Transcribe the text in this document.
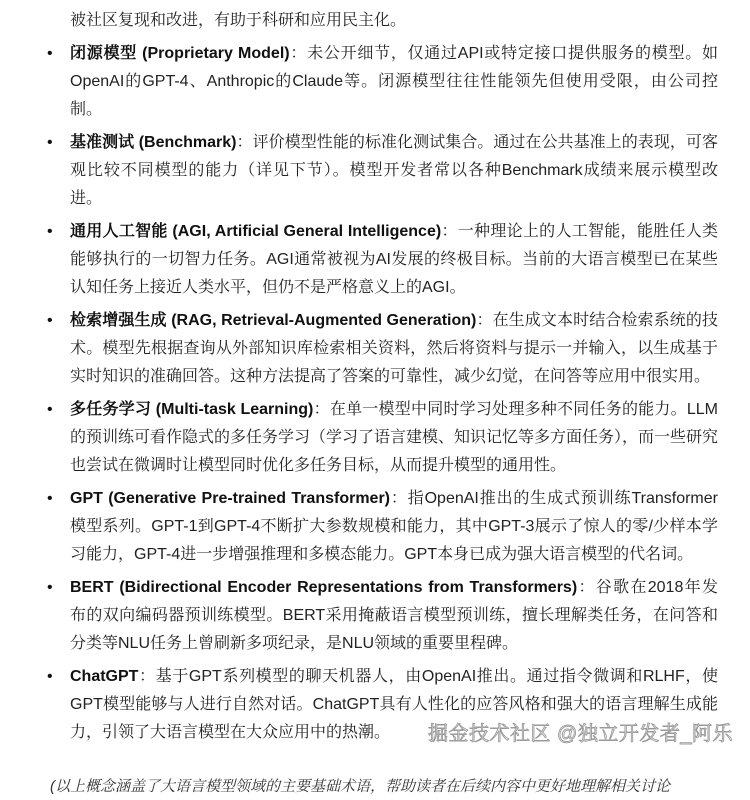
被社区复现和改进，有助于科研和应用民主化。

• 闭源模型 (Proprietary Model)：未公开细节，仅通过API或特定接口提供服务的模型。如OpenAI的GPT-4、Anthropic的Claude等。闭源模型往往性能领先但使用受限，由公司控制。
• 基准测试 (Benchmark)：评价模型性能的标准化测试集合。通过在公共基准上的表现，可客观比较不同模型的能力（详见下节）。模型开发者常以各种Benchmark成绩来展示模型改进。
• 通用人工智能 (AGI, Artificial General Intelligence)：一种理论上的人工智能，能胜任人类能够执行的一切智力任务。AGI通常被视为AI发展的终极目标。当前的大语言模型已在某些认知任务上接近人类水平，但仍不是严格意义上的AGI。
• 检索增强生成 (RAG, Retrieval-Augmented Generation)：在生成文本时结合检索系统的技术。模型先根据查询从外部知识库检索相关资料，然后将资料与提示一并输入，以生成基于实时知识的准确回答。这种方法提高了答案的可靠性，减少幻觉，在问答等应用中很实用。
• 多任务学习 (Multi-task Learning)：在单一模型中同时学习处理多种不同任务的能力。LLM的预训练可看作隐式的多任务学习（学习了语言建模、知识记忆等多方面任务），而一些研究也尝试在微调时让模型同时优化多任务目标，从而提升模型的通用性。
• GPT (Generative Pre-trained Transformer)：指OpenAI推出的生成式预训练Transformer模型系列。GPT-1到GPT-4不断扩大参数规模和能力，其中GPT-3展示了惊人的零/少样本学习能力，GPT-4进一步增强推理和多模态能力。GPT本身已成为强大语言模型的代名词。
• BERT (Bidirectional Encoder Representations from Transformers)：谷歌在2018年发布的双向编码器预训练模型。BERT采用掩蔽语言模型预训练，擅长理解类任务，在问答和分类等NLU任务上曾刷新多项纪录，是NLU领域的重要里程碑。
• ChatGPT：基于GPT系列模型的聊天机器人，由OpenAI推出。通过指令微调和RLHF，使GPT模型能够与人进行自然对话。ChatGPT具有人性化的应答风格和强大的语言理解生成能力，引领了大语言模型在大众应用中的热潮。

(以上概念涵盖了大语言模型领域的主要基础术语，帮助读者在后续内容中更好地理解相关讨论

掘金技术社区 @独立开发者_阿乐
